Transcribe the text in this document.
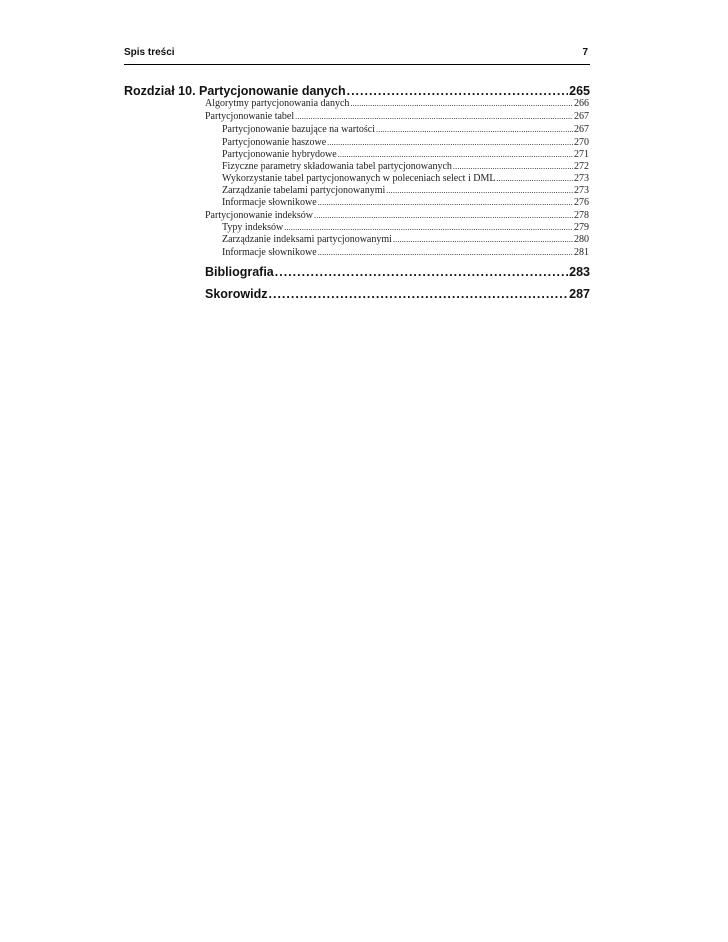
Spis treści	7
Rozdział 10. Partycjonowanie danych .....	265
Algorytmy partycjonowania danych .....	266
Partycjonowanie tabel .....	267
Partycjonowanie bazujące na wartości .....	267
Partycjonowanie haszowe .....	270
Partycjonowanie hybrydowe .....	271
Fizyczne parametry składowania tabel partycjonowanych .....	272
Wykorzystanie tabel partycjonowanych w poleceniach select i DML .....	273
Zarządzanie tabelami partycjonowanymi .....	273
Informacje słownikowe .....	276
Partycjonowanie indeksów .....	278
Typy indeksów .....	279
Zarządzanie indeksami partycjonowanymi .....	280
Informacje słownikowe .....	281
Bibliografia .....	283
Skorowidz .....	287
